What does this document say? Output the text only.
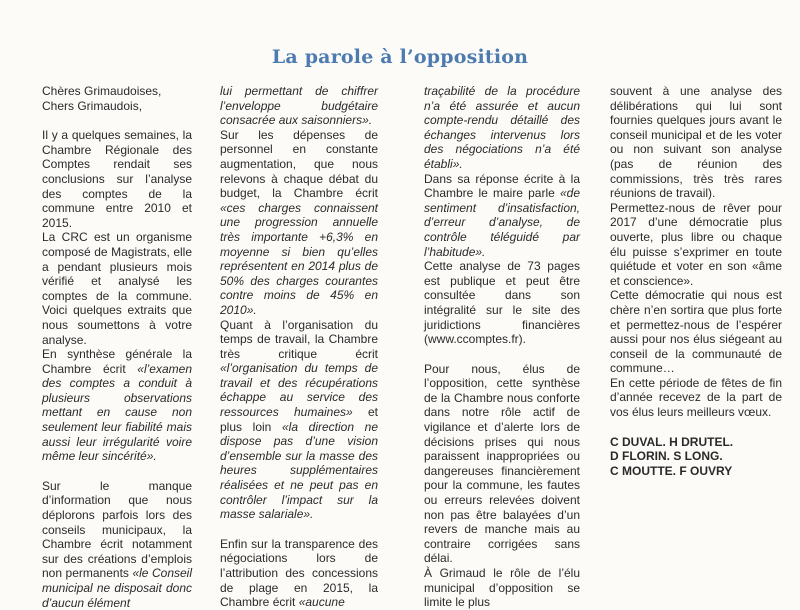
La parole à l’opposition

Chères Grimaudoises,

Chers Grimaudois,

Il y a quelques semaines, la Chambre Régionale des Comptes rendait ses conclusions sur l’analyse des comptes de la commune entre 2010 et 2015.

La CRC est un organisme composé de Magistrats, elle a pendant plusieurs mois vérifié et analysé les comptes de la commune. Voici quelques extraits que nous soumettons à votre analyse.

En synthèse générale la Chambre écrit «l’examen des comptes a conduit à plusieurs observations mettant en cause non seulement leur fiabilité mais aussi leur irrégularité voire même leur sincérité».

Sur le manque d’information que nous déplorons parfois lors des conseils municipaux, la Chambre écrit notamment sur des créations d’emplois non permanents «le Conseil municipal ne disposait donc d’aucun élément

lui permettant de chiffrer l’enveloppe budgétaire consacrée aux saisonniers».

Sur les dépenses de personnel en constante augmentation, que nous relevons à chaque débat du budget, la Chambre écrit «ces charges connaissent une progression annuelle très importante +6,3% en moyenne si bien qu’elles représentent en 2014 plus de 50% des charges courantes contre moins de 45% en 2010».

Quant à l’organisation du temps de travail, la Chambre très critique écrit «l’organisation du temps de travail et des récupérations échappe au service des ressources humaines» et plus loin «la direction ne dispose pas d’une vision d’ensemble sur la masse des heures supplémentaires réalisées et ne peut pas en contrôler l’impact sur la masse salariale».

Enfin sur la transparence des négociations lors de l’attribution des concessions de plage en 2015, la Chambre écrit «aucune

traçabilité de la procédure n’a été assurée et aucun compte-rendu détaillé des échanges intervenus lors des négociations n’a été établi».

Dans sa réponse écrite à la Chambre le maire parle «de sentiment d’insatisfaction, d’erreur d’analyse, de contrôle téléguidé par l’habitude».

Cette analyse de 73 pages est publique et peut être consultée dans son intégralité sur le site des juridictions financières (www.ccomptes.fr).

Pour nous, élus de l’opposition, cette synthèse de la Chambre nous conforte dans notre rôle actif de vigilance et d’alerte lors de décisions prises qui nous paraissent inappropriées ou dangereuses financièrement pour la commune, les fautes ou erreurs relevées doivent non pas être balayées d’un revers de manche mais au contraire corrigées sans délai.

À Grimaud le rôle de l’élu municipal d’opposition se limite le plus

souvent à une analyse des délibérations qui lui sont fournies quelques jours avant le conseil municipal et de les voter ou non suivant son analyse (pas de réunion des commissions, très très rares réunions de travail).

Permettez-nous de rêver pour 2017 d’une démocratie plus ouverte, plus libre ou chaque élu puisse s’exprimer en toute quiétude et voter en son «âme et conscience».

Cette démocratie qui nous est chère n’en sortira que plus forte et permettez-nous de l’espérer aussi pour nos élus siégeant au conseil de la communauté de commune…

En cette période de fêtes de fin d’année recevez de la part de vos élus leurs meilleurs vœux.

C DUVAL. H DRUTEL.

D FLORIN. S LONG.

C MOUTTE. F OUVRY
